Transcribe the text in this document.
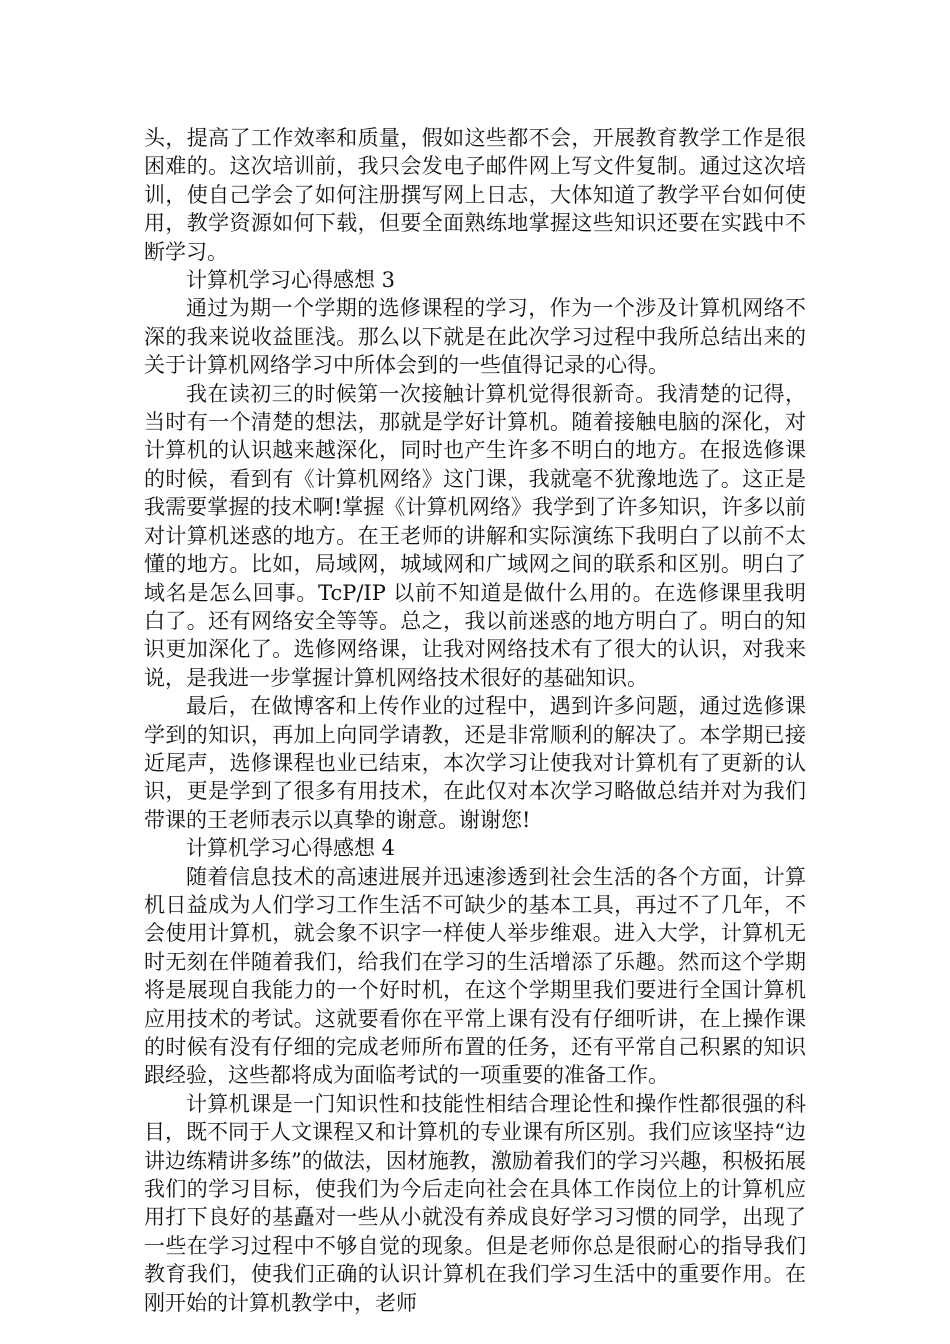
头，提高了工作效率和质量，假如这些都不会，开展教育教学工作是很困难的。这次培训前，我只会发电子邮件网上写文件复制。通过这次培训，使自己学会了如何注册撰写网上日志，大体知道了教学平台如何使用，教学资源如何下载，但要全面熟练地掌握这些知识还要在实践中不断学习。

计算机学习心得感想 3

通过为期一个学期的选修课程的学习，作为一个涉及计算机网络不深的我来说收益匪浅。那么以下就是在此次学习过程中我所总结出来的关于计算机网络学习中所体会到的一些值得记录的心得。

我在读初三的时候第一次接触计算机觉得很新奇。我清楚的记得，当时有一个清楚的想法，那就是学好计算机。随着接触电脑的深化，对计算机的认识越来越深化，同时也产生许多不明白的地方。在报选修课的时候，看到有《计算机网络》这门课，我就毫不犹豫地选了。这正是我需要掌握的技术啊!掌握《计算机网络》我学到了许多知识，许多以前对计算机迷惑的地方。在王老师的讲解和实际演练下我明白了以前不太懂的地方。比如，局域网，城域网和广域网之间的联系和区别。明白了域名是怎么回事。TcP/IP 以前不知道是做什么用的。在选修课里我明白了。还有网络安全等等。总之，我以前迷惑的地方明白了。明白的知识更加深化了。选修网络课，让我对网络技术有了很大的认识，对我来说，是我进一步掌握计算机网络技术很好的基础知识。

最后，在做博客和上传作业的过程中，遇到许多问题，通过选修课学到的知识，再加上向同学请教，还是非常顺利的解决了。本学期已接近尾声，选修课程也业已结束，本次学习让使我对计算机有了更新的认识，更是学到了很多有用技术，在此仅对本次学习略做总结并对为我们带课的王老师表示以真挚的谢意。谢谢您!

计算机学习心得感想 4

随着信息技术的高速进展并迅速渗透到社会生活的各个方面，计算机日益成为人们学习工作生活不可缺少的基本工具，再过不了几年，不会使用计算机，就会象不识字一样使人举步维艰。进入大学，计算机无时无刻在伴随着我们，给我们在学习的生活增添了乐趣。然而这个学期将是展现自我能力的一个好时机，在这个学期里我们要进行全国计算机应用技术的考试。这就要看你在平常上课有没有仔细听讲，在上操作课的时候有没有仔细的完成老师所布置的任务，还有平常自己积累的知识跟经验，这些都将成为面临考试的一项重要的准备工作。

计算机课是一门知识性和技能性相结合理论性和操作性都很强的科目，既不同于人文课程又和计算机的专业课有所区别。我们应该坚持“边讲边练精讲多练”的做法，因材施教，激励着我们的学习兴趣，积极拓展我们的学习目标，使我们为今后走向社会在具体工作岗位上的计算机应用打下良好的基矗对一些从小就没有养成良好学习习惯的同学，出现了一些在学习过程中不够自觉的现象。但是老师你总是很耐心的指导我们教育我们，使我们正确的认识计算机在我们学习生活中的重要作用。在刚开始的计算机教学中，老师
